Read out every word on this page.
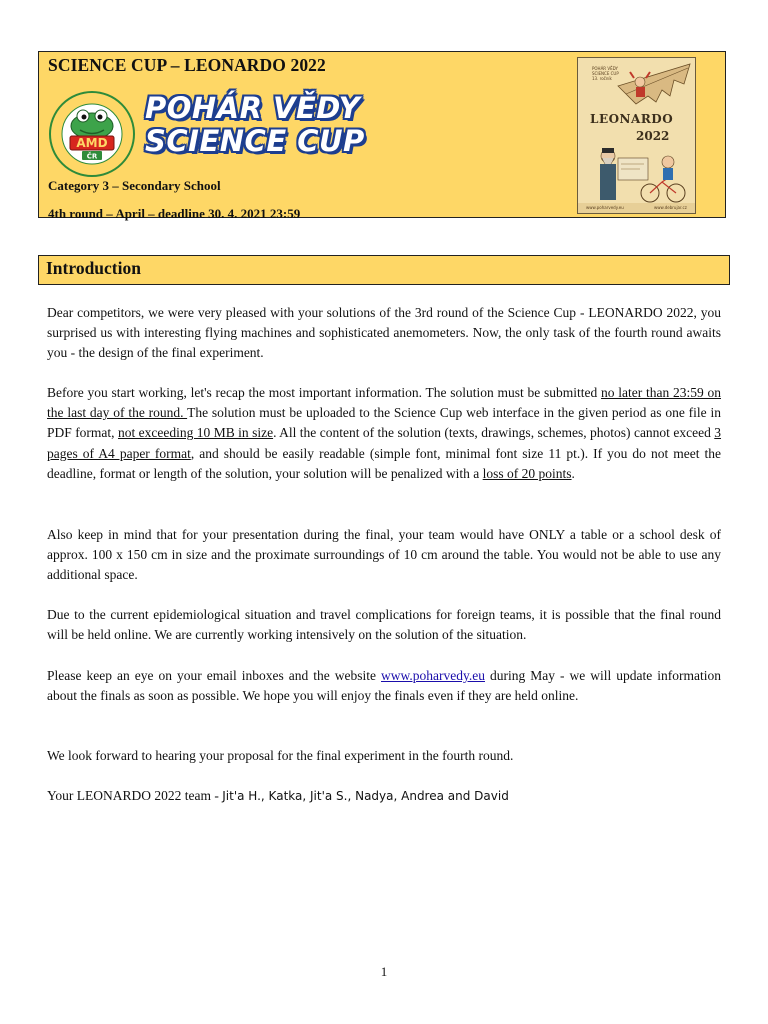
SCIENCE CUP – LEONARDO 2022
AMD
ČR
POHÁR VĚDY
SCIENCE CUP
Category 3 – Secondary School
4th round – April – deadline 30. 4. 2021 23:59
POHÁR VĚDY
SCIENCE CUP
13. ročník
LEONARDO
2022
www.poharvedy.eu	www.debrujar.cz
Introduction
Dear competitors, we were very pleased with your solutions of the 3rd round of the Science Cup - LEONARDO 2022, you surprised us with interesting flying machines and sophisticated anemometers. Now, the only task of the fourth round awaits you - the design of the final experiment.
Before you start working, let's recap the most important information. The solution must be submitted no later than 23:59 on the last day of the round. The solution must be uploaded to the Science Cup web interface in the given period as one file in PDF format, not exceeding 10 MB in size. All the content of the solution (texts, drawings, schemes, photos) cannot exceed 3 pages of A4 paper format, and should be easily readable (simple font, minimal font size 11 pt.). If you do not meet the deadline, format or length of the solution, your solution will be penalized with a loss of 20 points.
Also keep in mind that for your presentation during the final, your team would have ONLY a table or a school desk of approx. 100 x 150 cm in size and the proximate surroundings of 10 cm around the table. You would not be able to use any additional space.
Due to the current epidemiological situation and travel complications for foreign teams, it is possible that the final round will be held online. We are currently working intensively on the solution of the situation.
Please keep an eye on your email inboxes and the website www.poharvedy.eu during May - we will update information about the finals as soon as possible. We hope you will enjoy the finals even if they are held online.
We look forward to hearing your proposal for the final experiment in the fourth round.
Your LEONARDO 2022 team - Jit'a H., Katka, Jit'a S., Nadya, Andrea and David
1
